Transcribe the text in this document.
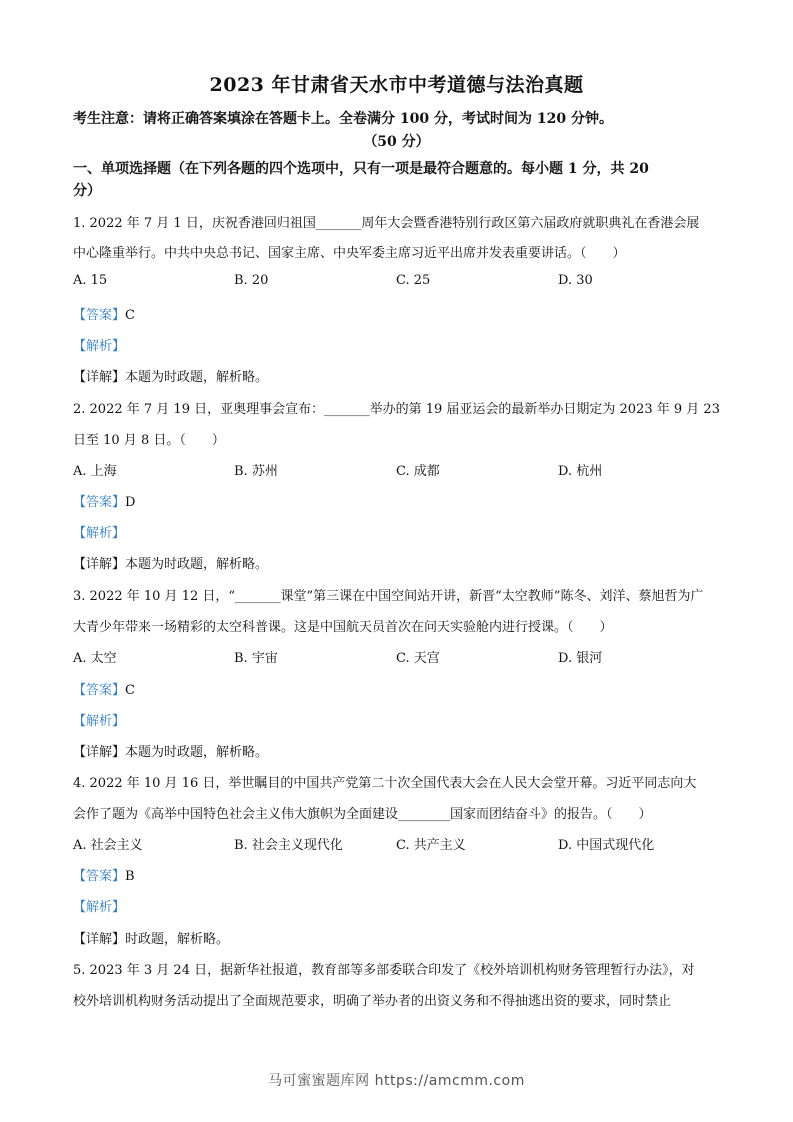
2023 年甘肃省天水市中考道德与法治真题
考生注意：请将正确答案填涂在答题卡上。全卷满分 100 分，考试时间为 120 分钟。
（50 分）
一、单项选择题（在下列各题的四个选项中，只有一项是最符合题意的。每小题 1 分，共 20
分）
1. 2022 年 7 月 1 日，庆祝香港回归祖国_______周年大会暨香港特别行政区第六届政府就职典礼在香港会展
中心隆重举行。中共中央总书记、国家主席、中央军委主席习近平出席并发表重要讲话。（　　）
A. 15	B. 20	C. 25	D. 30
【答案】C
【解析】
【详解】本题为时政题，解析略。
2. 2022 年 7 月 19 日，亚奥理事会宣布：_______举办的第 19 届亚运会的最新举办日期定为 2023 年 9 月 23
日至 10 月 8 日。（　　）
A. 上海	B. 苏州	C. 成都	D. 杭州
【答案】D
【解析】
【详解】本题为时政题，解析略。
3. 2022 年 10 月 12 日，“_______课堂”第三课在中国空间站开讲，新晋“太空教师”陈冬、刘洋、蔡旭哲为广
大青少年带来一场精彩的太空科普课。这是中国航天员首次在问天实验舱内进行授课。（　　）
A. 太空	B. 宇宙	C. 天宫	D. 银河
【答案】C
【解析】
【详解】本题为时政题，解析略。
4. 2022 年 10 月 16 日，举世瞩目的中国共产党第二十次全国代表大会在人民大会堂开幕。习近平同志向大
会作了题为《高举中国特色社会主义伟大旗帜为全面建设________国家而团结奋斗》的报告。（　　）
A. 社会主义	B. 社会主义现代化	C. 共产主义	D. 中国式现代化
【答案】B
【解析】
【详解】时政题，解析略。
5. 2023 年 3 月 24 日，据新华社报道，教育部等多部委联合印发了《校外培训机构财务管理暂行办法》，对
校外培训机构财务活动提出了全面规范要求，明确了举办者的出资义务和不得抽逃出资的要求，同时禁止
马可蜜蜜题库网 https://amcmm.com
